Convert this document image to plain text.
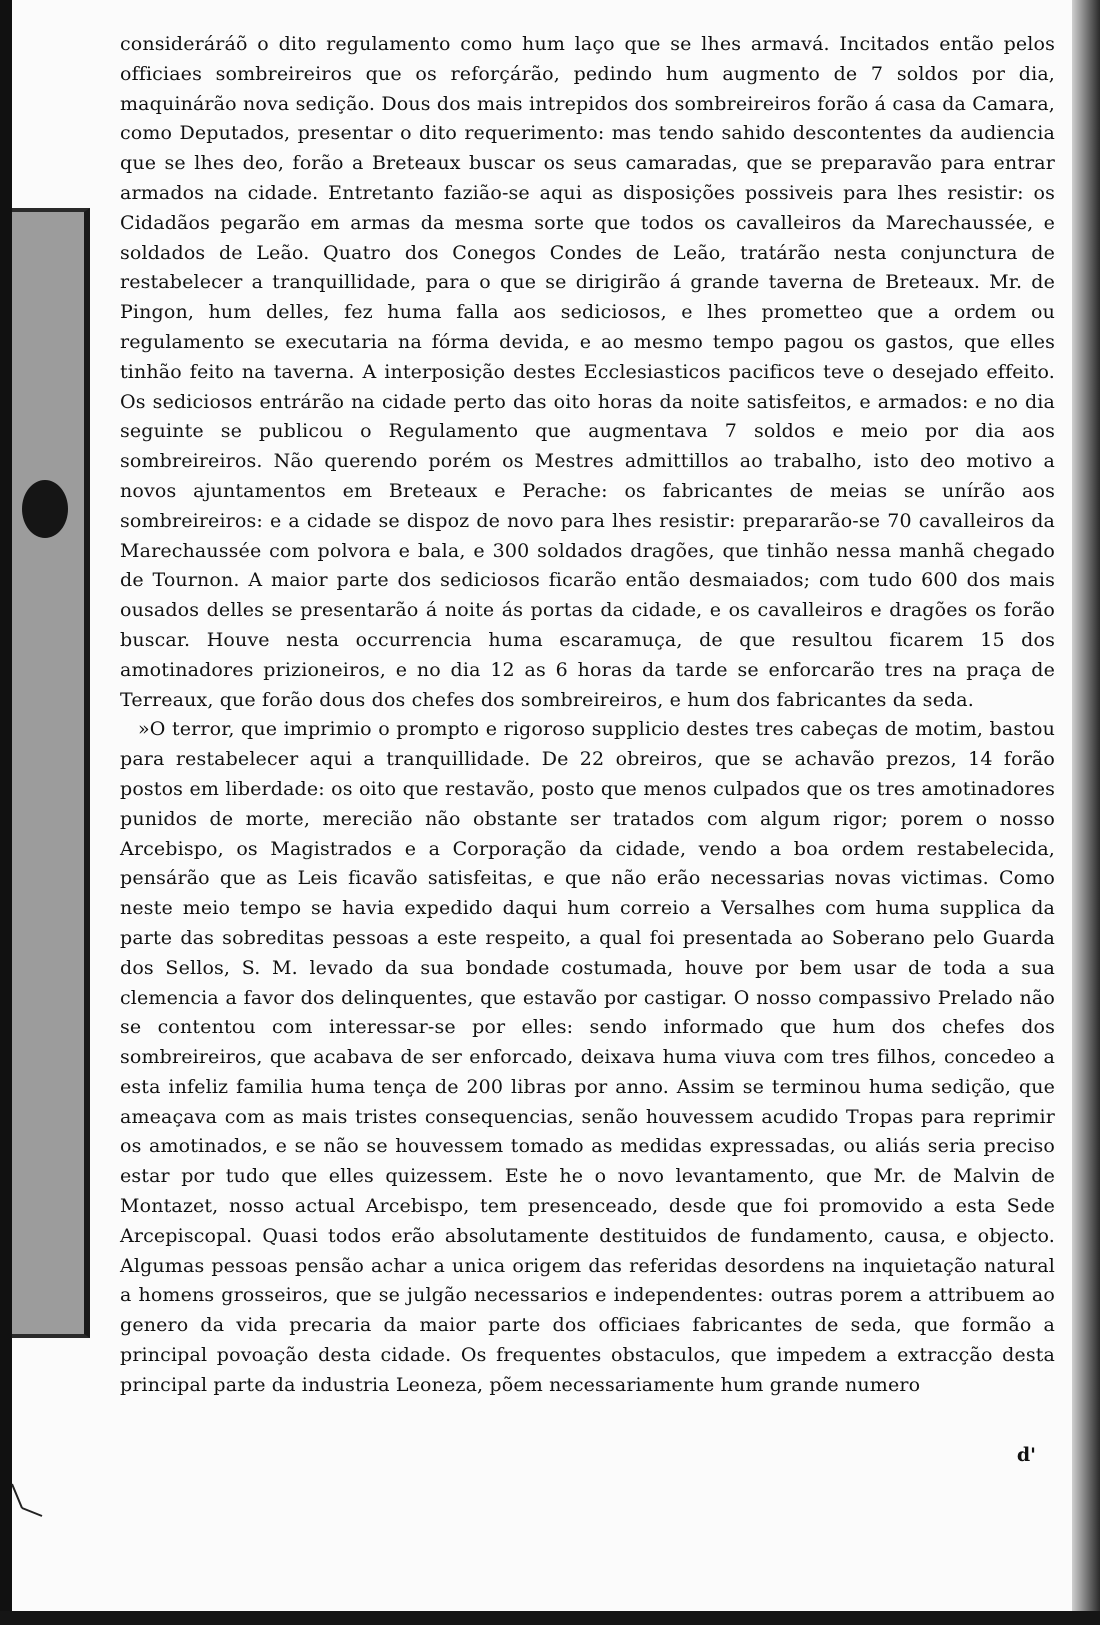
consideráráõ o dito regulamento como hum laço que se lhes armavá. Incitados então pelos officiaes sombreireiros que os reforçárão, pedindo hum augmento de 7 soldos por dia, maquinárão nova sedição. Dous dos mais intrepidos dos sombreireiros forão á casa da Camara, como Deputados, presentar o dito requerimento: mas tendo sahido descontentes da audiencia que se lhes deo, forão a Breteaux buscar os seus camaradas, que se preparavão para entrar armados na cidade. Entretanto fazião-se aqui as disposições possiveis para lhes resistir: os Cidadãos pegarão em armas da mesma sorte que todos os cavalleiros da Marechaussée, e soldados de Leão. Quatro dos Conegos Condes de Leão, tratárão nesta conjunctura de restabelecer a tranquillidade, para o que se dirigirão á grande taverna de Breteaux. Mr. de Pingon, hum delles, fez huma falla aos sediciosos, e lhes prometteo que a ordem ou regulamento se executaria na fórma devida, e ao mesmo tempo pagou os gastos, que elles tinhão feito na taverna. A interposição destes Ecclesiasticos pacificos teve o desejado effeito. Os sediciosos entrárão na cidade perto das oito horas da noite satisfeitos, e armados: e no dia seguinte se publicou o Regulamento que augmentava 7 soldos e meio por dia aos sombreireiros. Não querendo porém os Mestres admittillos ao trabalho, isto deo motivo a novos ajuntamentos em Breteaux e Perache: os fabricantes de meias se unírão aos sombreireiros: e a cidade se dispoz de novo para lhes resistir: prepararão-se 70 cavalleiros da Marechaussée com polvora e bala, e 300 soldados dragões, que tinhão nessa manhã chegado de Tournon. A maior parte dos sediciosos ficarão então desmaiados; com tudo 600 dos mais ousados delles se presentarão á noite ás portas da cidade, e os cavalleiros e dragões os forão buscar. Houve nesta occurrencia huma escaramuça, de que resultou ficarem 15 dos amotinadores prizioneiros, e no dia 12 as 6 horas da tarde se enforcarão tres na praça de Terreaux, que forão dous dos chefes dos sombreireiros, e hum dos fabricantes da seda.

»O terror, que imprimio o prompto e rigoroso supplicio destes tres cabeças de motim, bastou para restabelecer aqui a tranquillidade. De 22 obreiros, que se achavão prezos, 14 forão postos em liberdade: os oito que restavão, posto que menos culpados que os tres amotinadores punidos de morte, merecião não obstante ser tratados com algum rigor; porem o nosso Arcebispo, os Magistrados e a Corporação da cidade, vendo a boa ordem restabelecida, pensárão que as Leis ficavão satisfeitas, e que não erão necessarias novas victimas. Como neste meio tempo se havia expedido daqui hum correio a Versalhes com huma supplica da parte das sobreditas pessoas a este respeito, a qual foi presentada ao Soberano pelo Guarda dos Sellos, S. M. levado da sua bondade costumada, houve por bem usar de toda a sua clemencia a favor dos delinquentes, que estavão por castigar. O nosso compassivo Prelado não se contentou com interessar-se por elles: sendo informado que hum dos chefes dos sombreireiros, que acabava de ser enforcado, deixava huma viuva com tres filhos, concedeo a esta infeliz familia huma tença de 200 libras por anno. Assim se terminou huma sedição, que ameaçava com as mais tristes consequencias, senão houvessem acudido Tropas para reprimir os amotinados, e se não se houvessem tomado as medidas expressadas, ou aliás seria preciso estar por tudo que elles quizessem. Este he o novo levantamento, que Mr. de Malvin de Montazet, nosso actual Arcebispo, tem presenceado, desde que foi promovido a esta Sede Arcepiscopal. Quasi todos erão absolutamente destituidos de fundamento, causa, e objecto. Algumas pessoas pensão achar a unica origem das referidas desordens na inquietação natural a homens grosseiros, que se julgão necessarios e independentes: outras porem a attribuem ao genero da vida precaria da maior parte dos officiaes fabricantes de seda, que formão a principal povoação desta cidade. Os frequentes obstaculos, que impedem a extracção desta principal parte da industria Leoneza, põem necessariamente hum grande numero

d'
